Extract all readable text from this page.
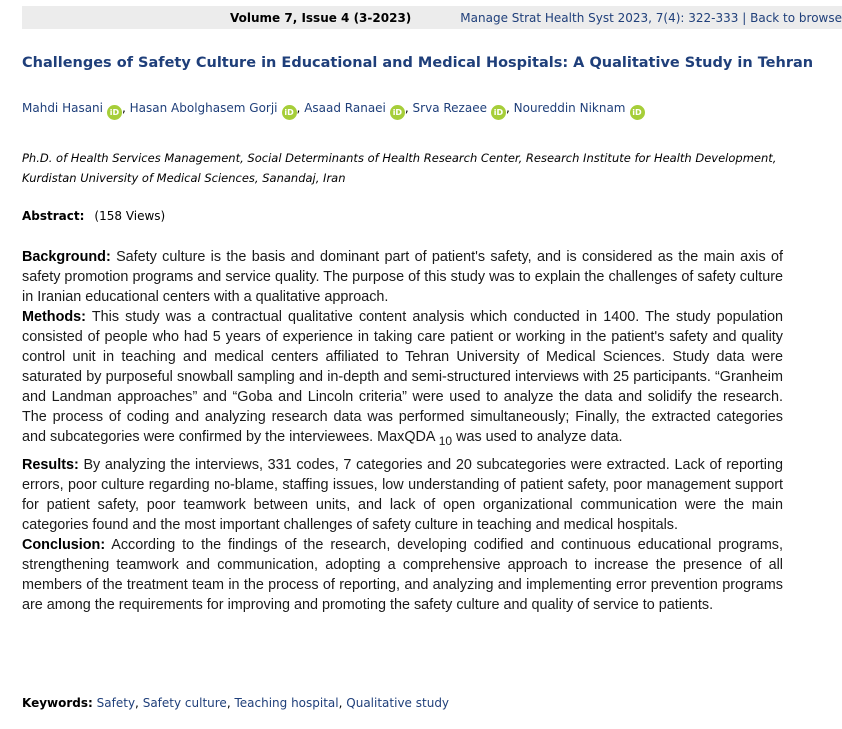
Volume 7, Issue 4 (3-2023)	Manage Strat Health Syst 2023, 7(4): 322-333 | Back to browse
Challenges of Safety Culture in Educational and Medical Hospitals: A Qualitative Study in Tehran
Mahdi Hasani iD , Hasan Abolghasem Gorji iD , Asaad Ranaei iD , Srva Rezaee iD , Noureddin Niknam iD
Ph.D. of Health Services Management, Social Determinants of Health Research Center, Research Institute for Health Development, Kurdistan University of Medical Sciences, Sanandaj, Iran
Abstract: (158 Views)

Background: Safety culture is the basis and dominant part of patient's safety, and is considered as the main axis of safety promotion programs and service quality. The purpose of this study was to explain the challenges of safety culture in Iranian educational centers with a qualitative approach.

Methods: This study was a contractual qualitative content analysis which conducted in 1400. The study population consisted of people who had 5 years of experience in taking care patient or working in the patient's safety and quality control unit in teaching and medical centers affiliated to Tehran University of Medical Sciences. Study data were saturated by purposeful snowball sampling and in-depth and semi-structured interviews with 25 participants. “Granheim and Landman approaches” and “Goba and Lincoln criteria” were used to analyze the data and solidify the research. The process of coding and analyzing research data was performed simultaneously; Finally, the extracted categories and subcategories were confirmed by the interviewees. MaxQDA $_{10}$ was used to analyze data.

Results: By analyzing the interviews, 331 codes, 7 categories and 20 subcategories were extracted. Lack of reporting errors, poor culture regarding no-blame, staffing issues, low understanding of patient safety, poor management support for patient safety, poor teamwork between units, and lack of open organizational communication were the main categories found and the most important challenges of safety culture in teaching and medical hospitals.

Conclusion: According to the findings of the research, developing codified and continuous educational programs, strengthening teamwork and communication, adopting a comprehensive approach to increase the presence of all members of the treatment team in the process of reporting, and analyzing and implementing error prevention programs are among the requirements for improving and promoting the safety culture and quality of service to patients.

Keywords: Safety, Safety culture, Teaching hospital, Qualitative study
